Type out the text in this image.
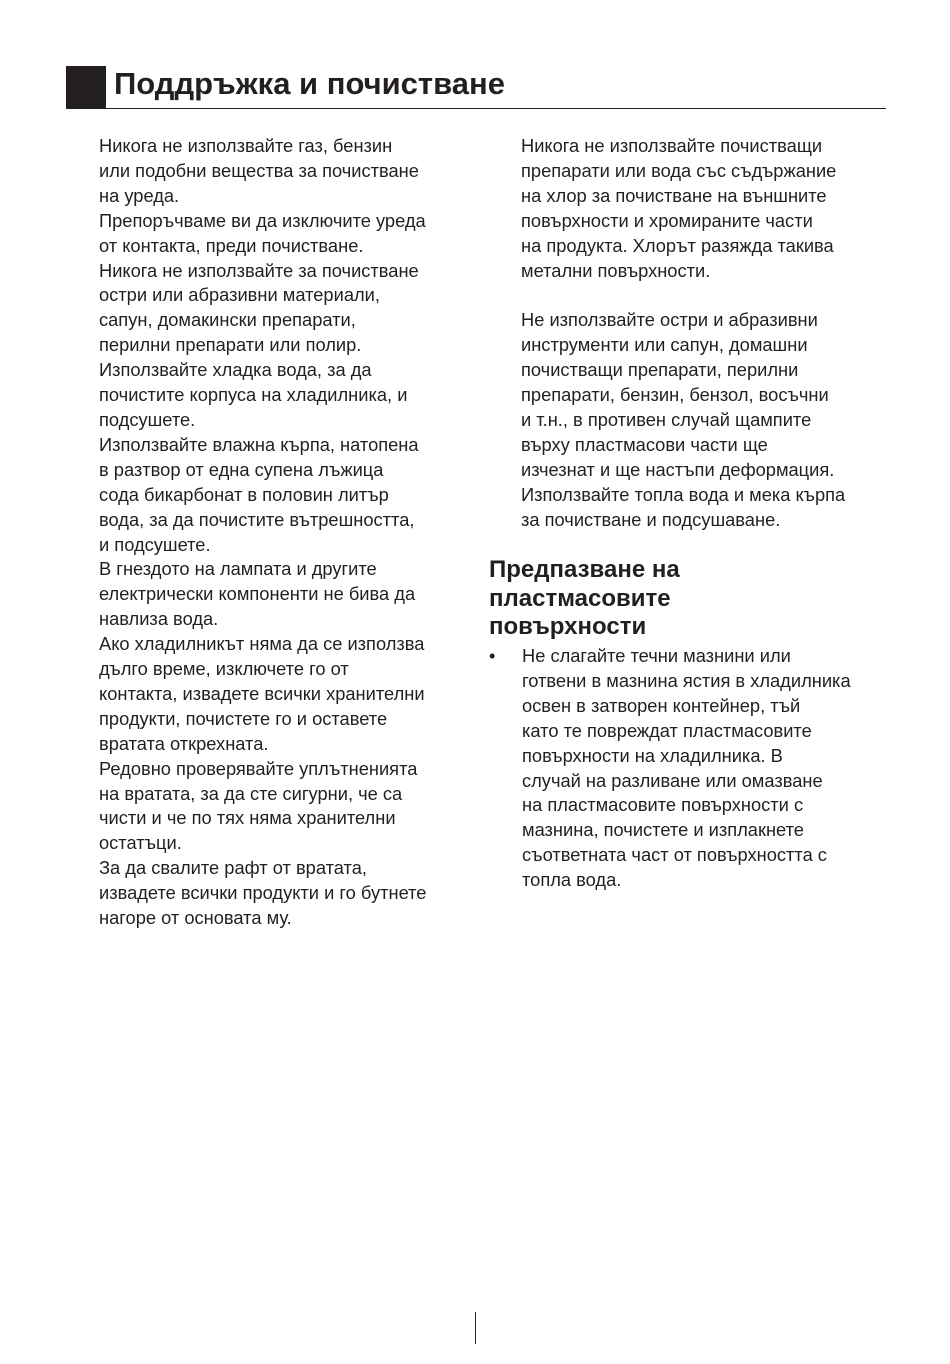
Поддръжка и почистване

Никога не използвайте газ, бензин
или подобни вещества за почистване
на уреда.

Препоръчваме ви да изключите уреда
от контакта, преди почистване.

Никога не използвайте за почистване
остри или абразивни материали,
сапун, домакински препарати,
перилни препарати или полир.

Използвайте хладка вода, за да
почистите корпуса на хладилника, и
подсушете.

Използвайте влажна кърпа, натопена
в разтвор от една супена лъжица
сода бикарбонат в половин литър
вода, за да почистите вътрешността,
и подсушете.

В гнездото на лампата и другите
електрически компоненти не бива да
навлиза вода.

Ако хладилникът няма да се използва
дълго време, изключете го от
контакта, извадете всички хранителни
продукти, почистете го и оставете
вратата открехната.

Редовно проверявайте уплътненията
на вратата, за да сте сигурни, че са
чисти и че по тях няма хранителни
остатъци.

За да свалите рафт от вратата,
извадете всички продукти и го бутнете
нагоре от основата му.

Никога не използвайте почистващи
препарати или вода със съдържание
на хлор за почистване на външните
повърхности и хромираните части
на продукта. Хлорът разяжда такива
метални повърхности.

Не използвайте остри и абразивни
инструменти или сапун, домашни
почистващи препарати, перилни
препарати, бензин, бензол, восъчни
и т.н., в противен случай щампите
върху пластмасови части ще
изчезнат и ще настъпи деформация.
Използвайте топла вода и мека кърпа
за почистване и подсушаване.

Предпазване на
пластмасовите
повърхности
• Не слагайте течни мазнини или
готвени в мазнина ястия в хладилника
освен в затворен контейнер, тъй
като те повреждат пластмасовите
повърхности на хладилника. В
случай на разливане или омазване
на пластмасовите повърхности с
мазнина, почистете и изплакнете
съответната част от повърхността с
топла вода.
